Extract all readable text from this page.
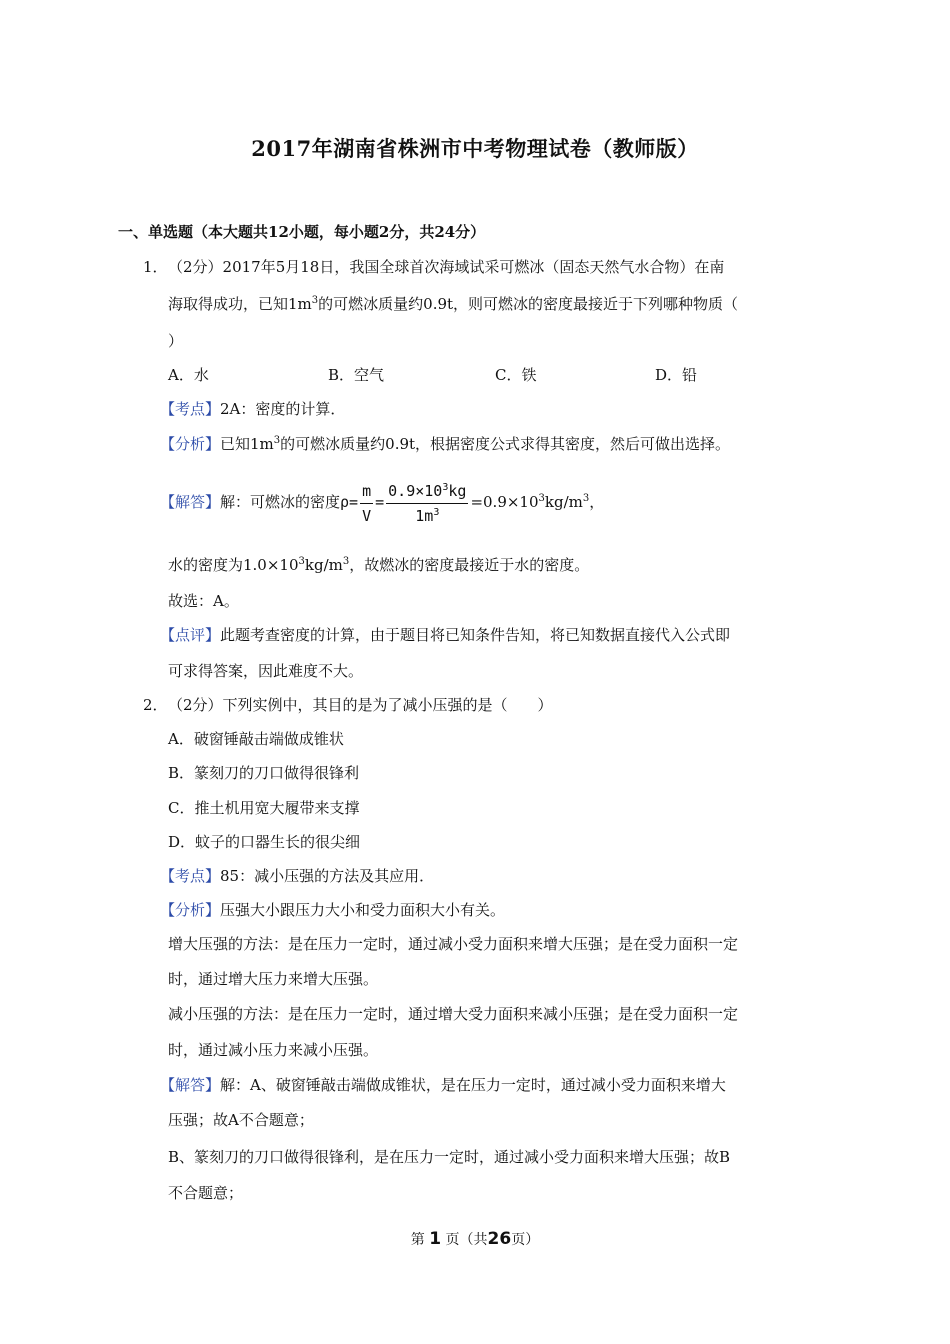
2017年湖南省株洲市中考物理试卷（教师版）
一、单选题（本大题共12小题，每小题2分，共24分）
1． （2分）2017年5月18日，我国全球首次海域试采可燃冰（固态天然气水合物）在南
海取得成功，已知$1m^3$的可燃冰质量约0.9t，则可燃冰的密度最接近于下列哪种物质（
）
A．水	B．空气	C．铁	D．铅
【考点】2A：密度的计算．
【分析】已知$1m^3$的可燃冰质量约0.9t，根据密度公式求得其密度，然后可做出选择。
【解答】解：可燃冰的密度$\rho= \frac{m}{V} = \frac{0.9\times 10^3kg}{1m^3} =0.9\times 10^3kg/m^3$，
水的密度为$1.0\times 10^3kg/m^3$，故燃冰的密度最接近于水的密度。
故选：A。
【点评】此题考查密度的计算，由于题目将已知条件告知，将已知数据直接代入公式即
可求得答案，因此难度不大。
2． （2分）下列实例中，其目的是为了减小压强的是（　　）
A．破窗锤敲击端做成锥状
B．篆刻刀的刀口做得很锋利
C．推土机用宽大履带来支撑
D．蚊子的口器生长的很尖细
【考点】85：减小压强的方法及其应用．
【分析】压强大小跟压力大小和受力面积大小有关。
增大压强的方法：是在压力一定时，通过减小受力面积来增大压强；是在受力面积一定
时，通过增大压力来增大压强。
减小压强的方法：是在压力一定时，通过增大受力面积来减小压强；是在受力面积一定
时，通过减小压力来减小压强。
【解答】解：A、破窗锤敲击端做成锥状，是在压力一定时，通过减小受力面积来增大
压强；故A不合题意；
B、篆刻刀的刀口做得很锋利，是在压力一定时，通过减小受力面积来增大压强；故B
不合题意；
第 1 页（共26页）
